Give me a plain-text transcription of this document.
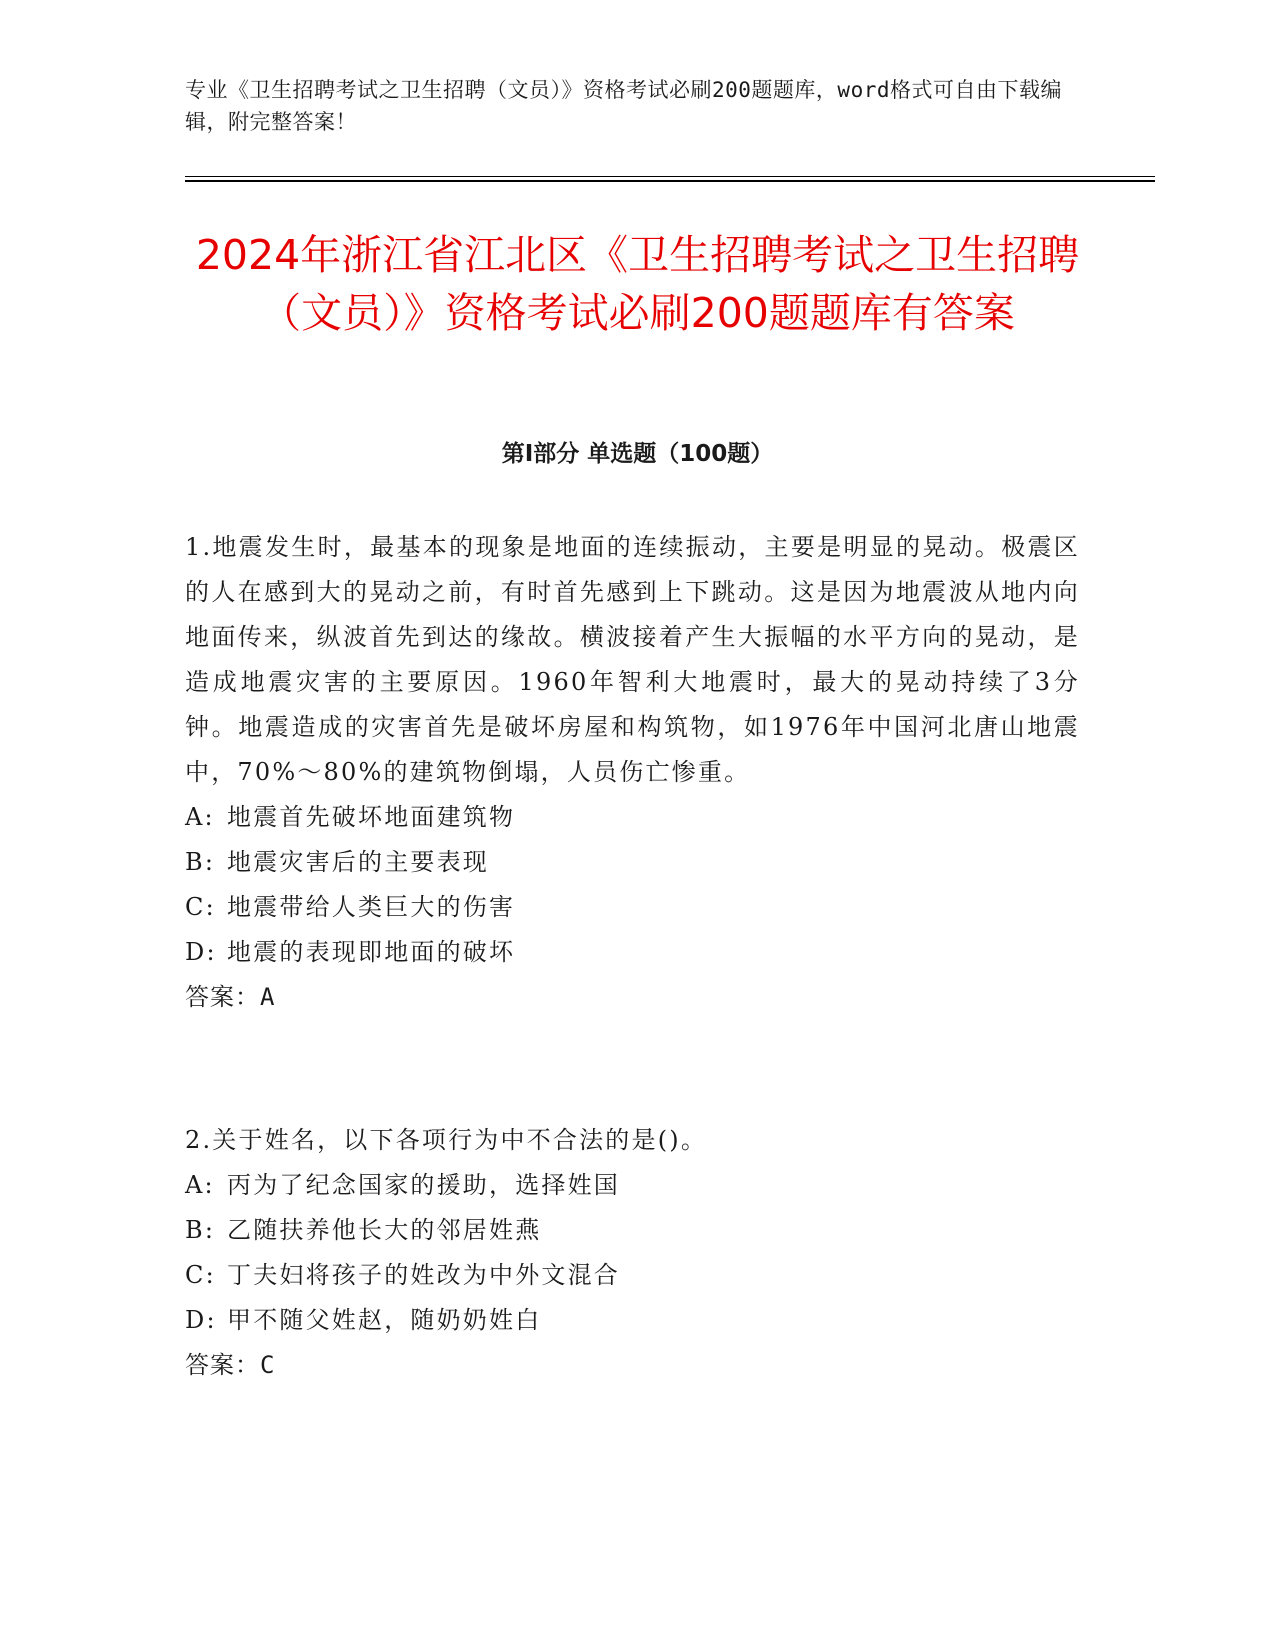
专业《卫生招聘考试之卫生招聘（文员）》资格考试必刷200题题库，word格式可自由下载编辑，附完整答案！
2024年浙江省江北区《卫生招聘考试之卫生招聘（文员）》资格考试必刷200题题库有答案
第I部分 单选题（100题）

1.地震发生时，最基本的现象是地面的连续振动，主要是明显的晃动。极震区的人在感到大的晃动之前，有时首先感到上下跳动。这是因为地震波从地内向地面传来，纵波首先到达的缘故。横波接着产生大振幅的水平方向的晃动，是造成地震灾害的主要原因。1960年智利大地震时，最大的晃动持续了3分钟。地震造成的灾害首先是破坏房屋和构筑物，如1976年中国河北唐山地震中，70%～80%的建筑物倒塌，人员伤亡惨重。

A: 地震首先破坏地面建筑物

B: 地震灾害后的主要表现

C: 地震带给人类巨大的伤害

D: 地震的表现即地面的破坏

答案：A

2.关于姓名，以下各项行为中不合法的是()。

A: 丙为了纪念国家的援助，选择姓国

B: 乙随扶养他长大的邻居姓燕

C: 丁夫妇将孩子的姓改为中外文混合

D: 甲不随父姓赵，随奶奶姓白

答案：C
